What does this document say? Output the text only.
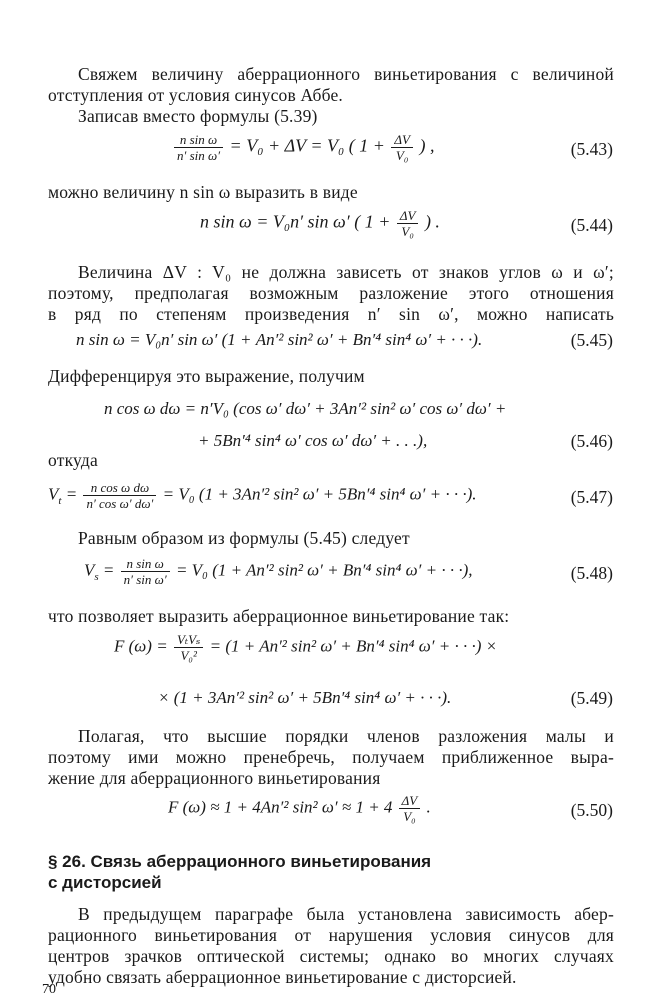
Свяжем величину аберрационного виньетирования с величиной
отступления от условия синусов Аббе.
Записав вместо формулы (5.39)
$\frac{\text{n sin ω}}{\text{n′ sin ω′}} = V_0 + \Delta V = V_0$ ( $1 + \frac{\Delta V}{\text{V₀}}$ ) ,	(5.43)
можно величину n sin ω выразить в виде
n sin ω = V₀n′ sin ω′ ( $1 + \frac{\Delta V}{\text{V₀}}$ ) .	(5.44)
Величина ΔV : V₀ не должна зависеть от знаков углов ω и ω′;
поэтому, предполагая возможным разложение этого отношения
в ряд по степеням произведения n′ sin ω′, можно написать
n sin ω = V₀n′ sin ω′ (1 + An′² sin² ω′ + Bn′⁴ sin⁴ ω′ + · · ·).	(5.45)
Дифференцируя это выражение, получим
n cos ω dω = n′V₀ (cos ω′ dω′ + 3An′² sin² ω′ cos ω′ dω′ +
+ 5Bn′⁴ sin⁴ ω′ cos ω′ dω′ + . . .),	(5.46)
откуда
$V_t = \frac{\text{n cos ω dω}}{\text{n′ cos ω′ dω′}} = V_0$ (1 + 3An′² sin² ω′ + 5Bn′⁴ sin⁴ ω′ + · · ·).	(5.47)
Равным образом из формулы (5.45) следует
$V_s = \frac{\text{n sin ω}}{\text{n′ sin ω′}} = V_0$ (1 + An′² sin² ω′ + Bn′⁴ sin⁴ ω′ + · · ·),	(5.48)
что позволяет выразить аберрационное виньетирование так:
F $(\omega) = \frac{\text{VₜVₛ}}{\text{V₀²}} = (1 + An'^2$ sin² ω′ + Bn′⁴ sin⁴ ω′ + · · ·) ×
× (1 + 3An′² sin² ω′ + 5Bn′⁴ sin⁴ ω′ + · · ·).	(5.49)
Полагая, что высшие порядки членов разложения малы и
поэтому ими можно пренебречь, получаем приближенное выра-
жение для аберрационного виньетирования
F (ω) ≈ 1 + 4An′² sin² $\omega' \approx 1 + 4 \frac{\Delta V}{\text{V₀}}$ .	(5.50)
§ 26. Связь аберрационного виньетирования
с дисторсией
В предыдущем параграфе была установлена зависимость абер-
рационного виньетирования от нарушения условия синусов для
центров зрачков оптической системы; однако во многих случаях
удобно связать аберрационное виньетирование с дисторсией.
70
